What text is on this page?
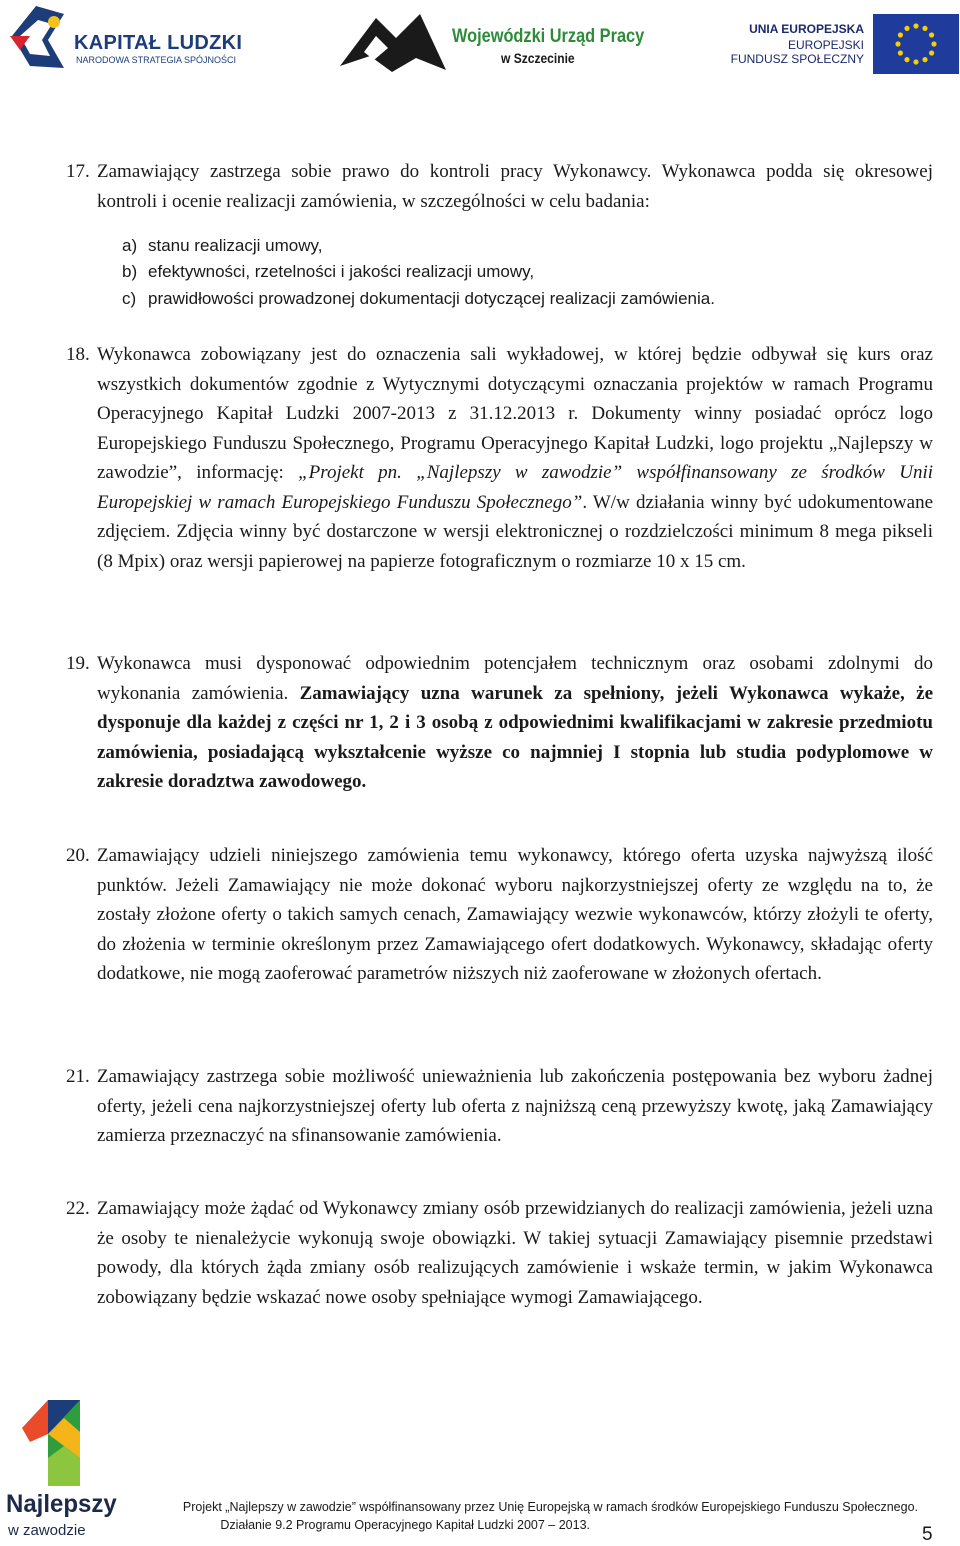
KAPITAŁ LUDZKI
NARODOWA STRATEGIA SPÓJNOŚCI
Wojewódzki Urząd Pracy
w Szczecinie
UNIA EUROPEJSKA
EUROPEJSKI
FUNDUSZ SPOŁECZNY
17. Zamawiający zastrzega sobie prawo do kontroli pracy Wykonawcy. Wykonawca podda się okresowej kontroli i ocenie realizacji zamówienia, w szczególności w celu badania:
a) stanu realizacji umowy,
b) efektywności, rzetelności i jakości realizacji umowy,
c) prawidłowości prowadzonej dokumentacji dotyczącej realizacji zamówienia.
18. Wykonawca zobowiązany jest do oznaczenia sali wykładowej, w której będzie odbywał się kurs oraz wszystkich dokumentów zgodnie z Wytycznymi dotyczącymi oznaczania projektów w ramach Programu Operacyjnego Kapitał Ludzki 2007-2013 z 31.12.2013 r. Dokumenty winny posiadać oprócz logo Europejskiego Funduszu Społecznego, Programu Operacyjnego Kapitał Ludzki, logo projektu „Najlepszy w zawodzie”, informację: „Projekt pn. „Najlepszy w zawodzie” współfinansowany ze środków Unii Europejskiej w ramach Europejskiego Funduszu Społecznego”. W/w działania winny być udokumentowane zdjęciem. Zdjęcia winny być dostarczone w wersji elektronicznej o rozdzielczości minimum 8 mega pikseli (8 Mpix) oraz wersji papierowej na papierze fotograficznym o rozmiarze 10 x 15 cm.
19. Wykonawca musi dysponować odpowiednim potencjałem technicznym oraz osobami zdolnymi do wykonania zamówienia. Zamawiający uzna warunek za spełniony, jeżeli Wykonawca wykaże, że dysponuje dla każdej z części nr 1, 2 i 3 osobą z odpowiednimi kwalifikacjami w zakresie przedmiotu zamówienia, posiadającą wykształcenie wyższe co najmniej I stopnia lub studia podyplomowe w zakresie doradztwa zawodowego.
20. Zamawiający udzieli niniejszego zamówienia temu wykonawcy, którego oferta uzyska najwyższą ilość punktów. Jeżeli Zamawiający nie może dokonać wyboru najkorzystniejszej oferty ze względu na to, że zostały złożone oferty o takich samych cenach, Zamawiający wezwie wykonawców, którzy złożyli te oferty, do złożenia w terminie określonym przez Zamawiającego ofert dodatkowych. Wykonawcy, składając oferty dodatkowe, nie mogą zaoferować parametrów niższych niż zaoferowane w złożonych ofertach.
21. Zamawiający zastrzega sobie możliwość unieważnienia lub zakończenia postępowania bez wyboru żadnej oferty, jeżeli cena najkorzystniejszej oferty lub oferta z najniższą ceną przewyższy kwotę, jaką Zamawiający zamierza przeznaczyć na sfinansowanie zamówienia.
22. Zamawiający może żądać od Wykonawcy zmiany osób przewidzianych do realizacji zamówienia, jeżeli uzna że osoby te nienależycie wykonują swoje obowiązki. W takiej sytuacji Zamawiający pisemnie przedstawi powody, dla których żąda zmiany osób realizujących zamówienie i wskaże termin, w jakim Wykonawca zobowiązany będzie wskazać nowe osoby spełniające wymogi Zamawiającego.
Najlepszy
w zawodzie
Projekt „Najlepszy w zawodzie” współfinansowany przez Unię Europejską w ramach środków Europejskiego Funduszu Społecznego.
Działanie 9.2 Programu Operacyjnego Kapitał Ludzki 2007 – 2013.	5
